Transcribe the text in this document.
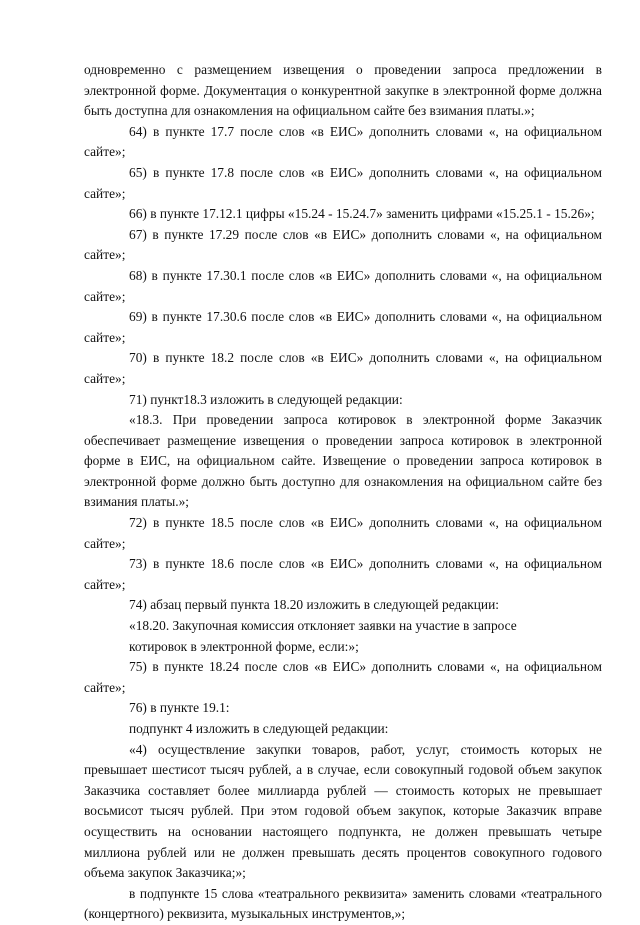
одновременно с размещением извещения о проведении запроса предложении в электронной форме. Документация о конкурентной закупке в электронной форме должна быть доступна для ознакомления на официальном сайте без взимания платы.»;

64) в пункте 17.7 после слов «в ЕИС» дополнить словами «, на официальном сайте»;

65) в пункте 17.8 после слов «в ЕИС» дополнить словами «, на официальном сайте»;

66) в пункте 17.12.1 цифры «15.24 - 15.24.7» заменить цифрами «15.25.1 - 15.26»;

67) в пункте 17.29 после слов «в ЕИС» дополнить словами «, на официальном сайте»;

68) в пункте 17.30.1 после слов «в ЕИС» дополнить словами «, на официальном сайте»;

69) в пункте 17.30.6 после слов «в ЕИС» дополнить словами «, на официальном сайте»;

70) в пункте 18.2 после слов «в ЕИС» дополнить словами «, на официальном сайте»;

71) пункт18.3 изложить в следующей редакции:

«18.3. При проведении запроса котировок в электронной форме Заказчик обеспечивает размещение извещения о проведении запроса котировок в электронной форме в ЕИС, на официальном сайте. Извещение о проведении запроса котировок в электронной форме должно быть доступно для ознакомления на официальном сайте без взимания платы.»;

72) в пункте 18.5 после слов «в ЕИС» дополнить словами «, на официальном сайте»;

73) в пункте 18.6 после слов «в ЕИС» дополнить словами «, на официальном сайте»;

74) абзац первый пункта 18.20 изложить в следующей редакции:

«18.20. Закупочная комиссия отклоняет заявки на участие в запросе

котировок в электронной форме, если:»;

75) в пункте 18.24 после слов «в ЕИС» дополнить словами «, на официальном сайте»;

76) в пункте 19.1:

подпункт 4 изложить в следующей редакции:

«4) осуществление закупки товаров, работ, услуг, стоимость которых не превышает шестисот тысяч рублей, а в случае, если совокупный годовой объем закупок Заказчика составляет более миллиарда рублей — стоимость которых не превышает восьмисот тысяч рублей. При этом годовой объем закупок, которые Заказчик вправе осуществить на основании настоящего подпункта, не должен превышать четыре миллиона рублей или не должен превышать десять процентов совокупного годового объема закупок Заказчика;»;

в подпункте 15 слова «театрального реквизита» заменить словами «театрального (концертного) реквизита, музыкальных инструментов,»;
